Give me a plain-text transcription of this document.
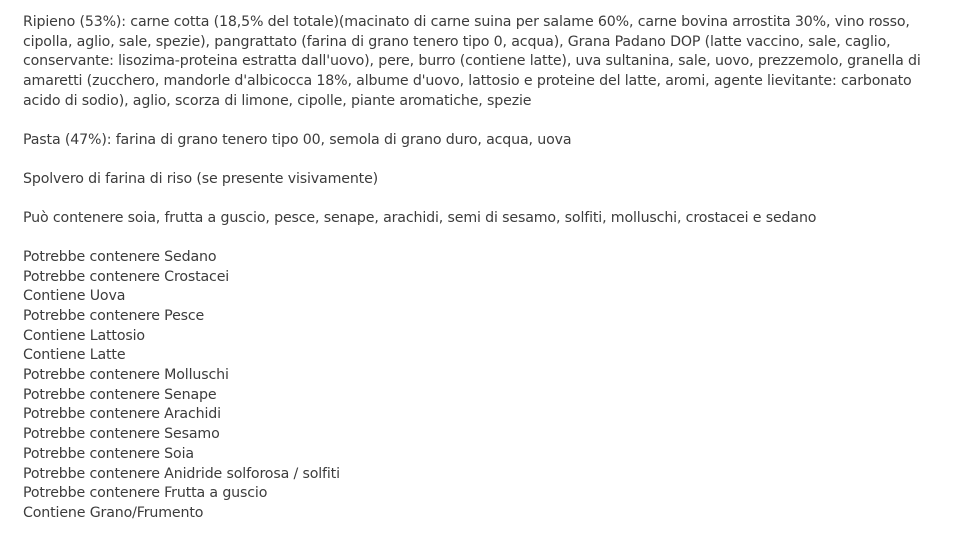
Ripieno (53%): carne cotta (18,5% del totale)(macinato di carne suina per salame 60%, carne bovina arrostita 30%, vino rosso, cipolla, aglio, sale, spezie), pangrattato (farina di grano tenero tipo 0, acqua), Grana Padano DOP (latte vaccino, sale, caglio, conservante: lisozima-proteina estratta dall'uovo), pere, burro (contiene latte), uva sultanina, sale, uovo, prezzemolo, granella di amaretti (zucchero, mandorle d'albicocca 18%, albume d'uovo, lattosio e proteine del latte, aromi, agente lievitante: carbonato acido di sodio), aglio, scorza di limone, cipolle, piante aromatiche, spezie

Pasta (47%): farina di grano tenero tipo 00, semola di grano duro, acqua, uova

Spolvero di farina di riso (se presente visivamente)

Può contenere soia, frutta a guscio, pesce, senape, arachidi, semi di sesamo, solfiti, molluschi, crostacei e sedano

Potrebbe contenere Sedano
Potrebbe contenere Crostacei
Contiene Uova
Potrebbe contenere Pesce
Contiene Lattosio
Contiene Latte
Potrebbe contenere Molluschi
Potrebbe contenere Senape
Potrebbe contenere Arachidi
Potrebbe contenere Sesamo
Potrebbe contenere Soia
Potrebbe contenere Anidride solforosa / solfiti
Potrebbe contenere Frutta a guscio
Contiene Grano/Frumento
